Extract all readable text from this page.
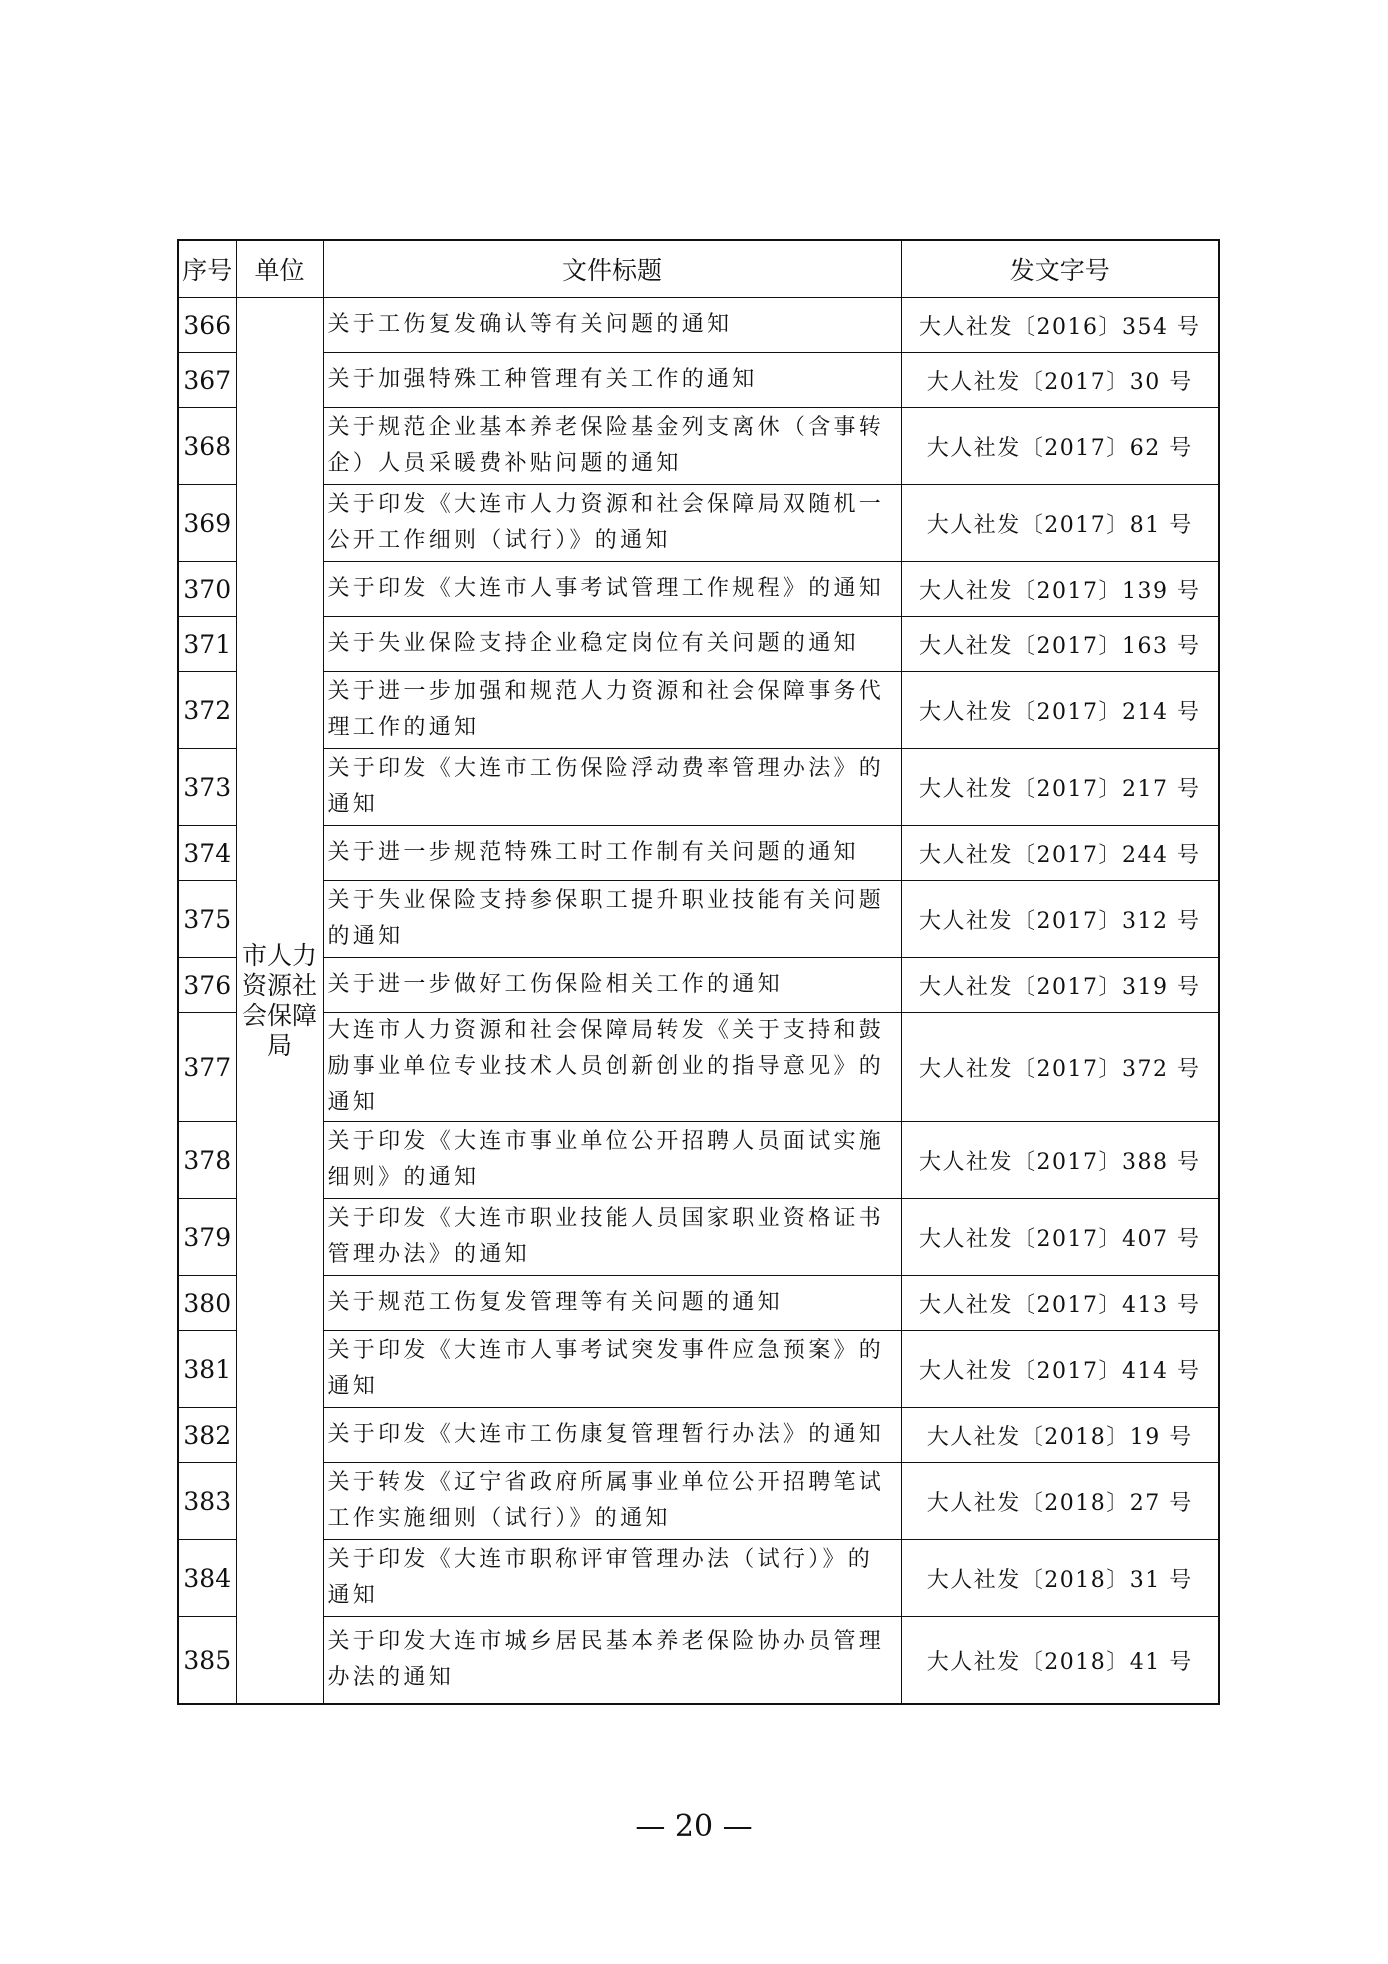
序号	单位	文件标题	发文字号
366	市人力资源社会保障局	关于工伤复发确认等有关问题的通知	大人社发〔2016〕354 号
367		关于加强特殊工种管理有关工作的通知	大人社发〔2017〕30 号
368		关于规范企业基本养老保险基金列支离休（含事转企）人员采暖费补贴问题的通知	大人社发〔2017〕62 号
369		关于印发《大连市人力资源和社会保障局双随机一公开工作细则（试行）》的通知	大人社发〔2017〕81 号
370		关于印发《大连市人事考试管理工作规程》的通知	大人社发〔2017〕139 号
371		关于失业保险支持企业稳定岗位有关问题的通知	大人社发〔2017〕163 号
372		关于进一步加强和规范人力资源和社会保障事务代理工作的通知	大人社发〔2017〕214 号
373		关于印发《大连市工伤保险浮动费率管理办法》的通知	大人社发〔2017〕217 号
374		关于进一步规范特殊工时工作制有关问题的通知	大人社发〔2017〕244 号
375		关于失业保险支持参保职工提升职业技能有关问题的通知	大人社发〔2017〕312 号
376		关于进一步做好工伤保险相关工作的通知	大人社发〔2017〕319 号
377		大连市人力资源和社会保障局转发《关于支持和鼓励事业单位专业技术人员创新创业的指导意见》的通知	大人社发〔2017〕372 号
378		关于印发《大连市事业单位公开招聘人员面试实施细则》的通知	大人社发〔2017〕388 号
379		关于印发《大连市职业技能人员国家职业资格证书管理办法》的通知	大人社发〔2017〕407 号
380		关于规范工伤复发管理等有关问题的通知	大人社发〔2017〕413 号
381		关于印发《大连市人事考试突发事件应急预案》的通知	大人社发〔2017〕414 号
382		关于印发《大连市工伤康复管理暂行办法》的通知	大人社发〔2018〕19 号
383		关于转发《辽宁省政府所属事业单位公开招聘笔试工作实施细则（试行）》的通知	大人社发〔2018〕27 号
384		关于印发《大连市职称评审管理办法（试行）》的通知	大人社发〔2018〕31 号
385		关于印发大连市城乡居民基本养老保险协办员管理办法的通知	大人社发〔2018〕41 号
— 20 —
